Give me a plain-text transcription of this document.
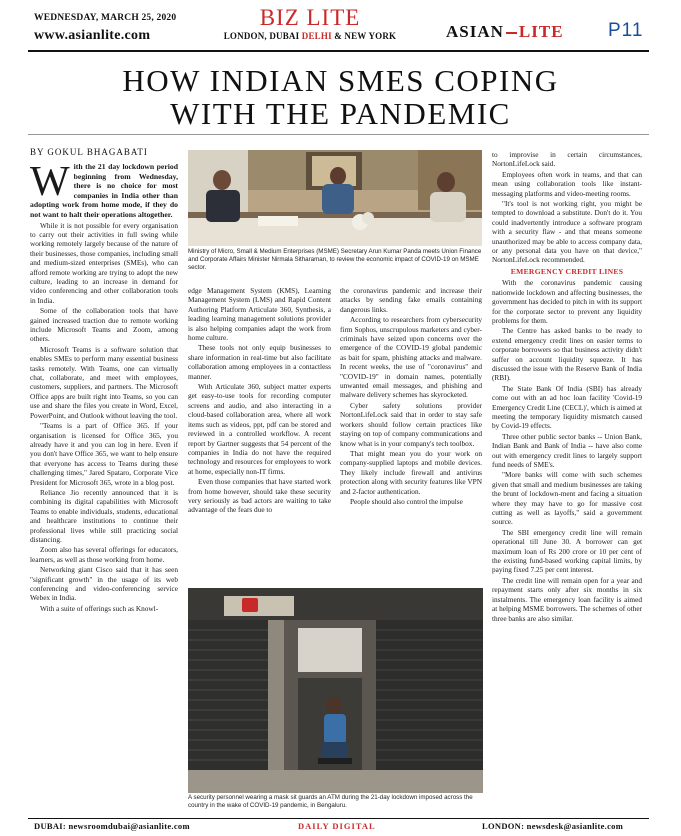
WEDNESDAY, MARCH 25, 2020
www.asianlite.com
BIZ LITE
LONDON, DUBAI DELHI & NEW YORK	ASIAN LITE P11
HOW INDIAN SMES COPING
WITH THE PANDEMIC
BY GOKUL BHAGABATI

With the 21 day lockdown period beginning from Wednesday, there is no choice for most companies in India other than adopting work from home mode, if they do not want to halt their operations altogether.

While it is not possible for every organisation to carry out their activities in full swing while working remotely largely because of the nature of their businesses, those companies, including small and medium-sized enterprises (SMEs), who can afford remote working are trying to adopt the new culture, leading to an increase in demand for video conferencing and other collaboration tools in India.

Some of the collaboration tools that have gained increased traction due to remote working include Microsoft Teams and Zoom, among others.

Microsoft Teams is a software solution that enables SMEs to perform many essential business tasks remotely. With Teams, one can virtually chat, collaborate, and meet with employees, customers, suppliers, and partners. The Microsoft Office apps are built right into Teams, so you can use and share the files you create in Word, Excel, PowerPoint, and Outlook without leaving the tool.

"Teams is a part of Office 365. If your organisation is licensed for Office 365, you already have it and you can log in here. Even if you don't have Office 365, we want to help ensure that everyone has access to Teams during these challenging times," Jared Spataro, Corporate Vice President for Microsoft 365, wrote in a blog post.

Reliance Jio recently announced that it is combining its digital capabilities with Microsoft Teams to enable individuals, students, educational and healthcare institutions to continue their professional lives while still practicing social distancing.

Zoom also has several offerings for educators, learners, as well as those working from home.

Networking giant Cisco said that it has seen "significant growth" in the usage of its web conferencing and video-conferencing service Webex in India.

With a suite of offerings such as Knowl-

Ministry of Micro, Small & Medium Enterprises (MSME) Secretary Arun Kumar Panda meets Union Finance and Corporate Affairs Minister Nirmala Sitharaman, to review the economic impact of COVID-19 on MSME sector.

edge Management System (KMS), Learning Management System (LMS) and Rapid Content Authoring Platform Articulate 360, Synthesis, a leading learning management solutions provider is also helping companies adapt the work from home culture.

These tools not only equip businesses to share information in real-time but also facilitate collaboration among employees in a contactless manner.

With Articulate 360, subject matter experts get easy-to-use tools for recording computer screens and audio, and also interacting in a cloud-based collaboration area, where all work items such as videos, ppt, pdf can be stored and reviewed in a controlled workflow. A recent report by Gartner suggests that 54 percent of the companies in India do not have the required technology and resources for employees to work at home, especially non-IT firms.

Even those companies that have started work from home however, should take these security very seriously as bad actors are waiting to take advantage of the fears due to

the coronavirus pandemic and increase their attacks by sending fake emails containing dangerous links.

According to researchers from cybersecurity firm Sophos, unscrupulous marketers and cyber-criminals have seized upon concerns over the emergence of the COVID-19 global pandemic as bait for spam, phishing attacks and malware. In recent weeks, the use of "coronavirus" and "COVID-19" in domain names, potentially unwanted email messages, and phishing and malware delivery schemes has skyrocketed.

Cyber safety solutions provider NortonLifeLock said that in order to stay safe workers should follow certain practices like staying on top of company communications and know what is in your company's tech toolbox.

That might mean you do your work on company-supplied laptops and mobile devices. They likely include firewall and antivirus protection along with security features like VPN and 2-factor authentication.

People should also control the impulse

A security personnel wearing a mask sit guards an ATM during the 21-day lockdown imposed across the country in the wake of COVID-19 pandemic, in Bengaluru.

to improvise in certain circumstances, NortonLifeLock said.

Employees often work in teams, and that can mean using collaboration tools like instant-messaging platforms and video-meeting rooms.

"It's tool is not working right, you might be tempted to download a substitute. Don't do it. You could inadvertently introduce a software program with a security flaw - and that means someone unauthorized may be able to access company data, or any personal data you have on that device," NortonLifeLock recommended.

EMERGENCY CREDIT LINES

With the coronavirus pandemic causing nationwide lockdown and affecting businesses, the government has decided to pitch in with its support for the corporate sector to prevent any liquidity problems for them.

The Centre has asked banks to be ready to extend emergency credit lines on easier terms to corporate borrowers so that business activity didn't suffer on account liquidity squeeze. It has discussed the issue with the Reserve Bank of India (RBI).

The State Bank Of India (SBI) has already come out with an ad hoc loan facility 'Covid-19 Emergency Credit Line (CECL)', which is aimed at meeting the temporary liquidity mismatch caused by Covid-19 effects.

Three other public sector banks -- Union Bank, Indian Bank and Bank of India -- have also come out with emergency credit lines to largely support fund needs of SME's.

"More banks will come with such schemes given that small and medium businesses are taking the brunt of lockdown-ment and facing a situation where they may have to go for massive cost cutting as well as layoffs," said a government source.

The SBI emergency credit line will remain operational till June 30. A borrower can get maximum loan of Rs 200 crore or 10 per cent of the existing fund-based working capital limits, by paying fixed 7.25 per cent interest.

The credit line will remain open for a year and repayment starts only after six months in six instalments. The emergency loan facility is aimed at helping MSME borrowers. The schemes of other three banks are also similar.

DUBAI: newsroomdubai@asianlite.com	DAILY DIGITAL	LONDON: newsdesk@asianlite.com
